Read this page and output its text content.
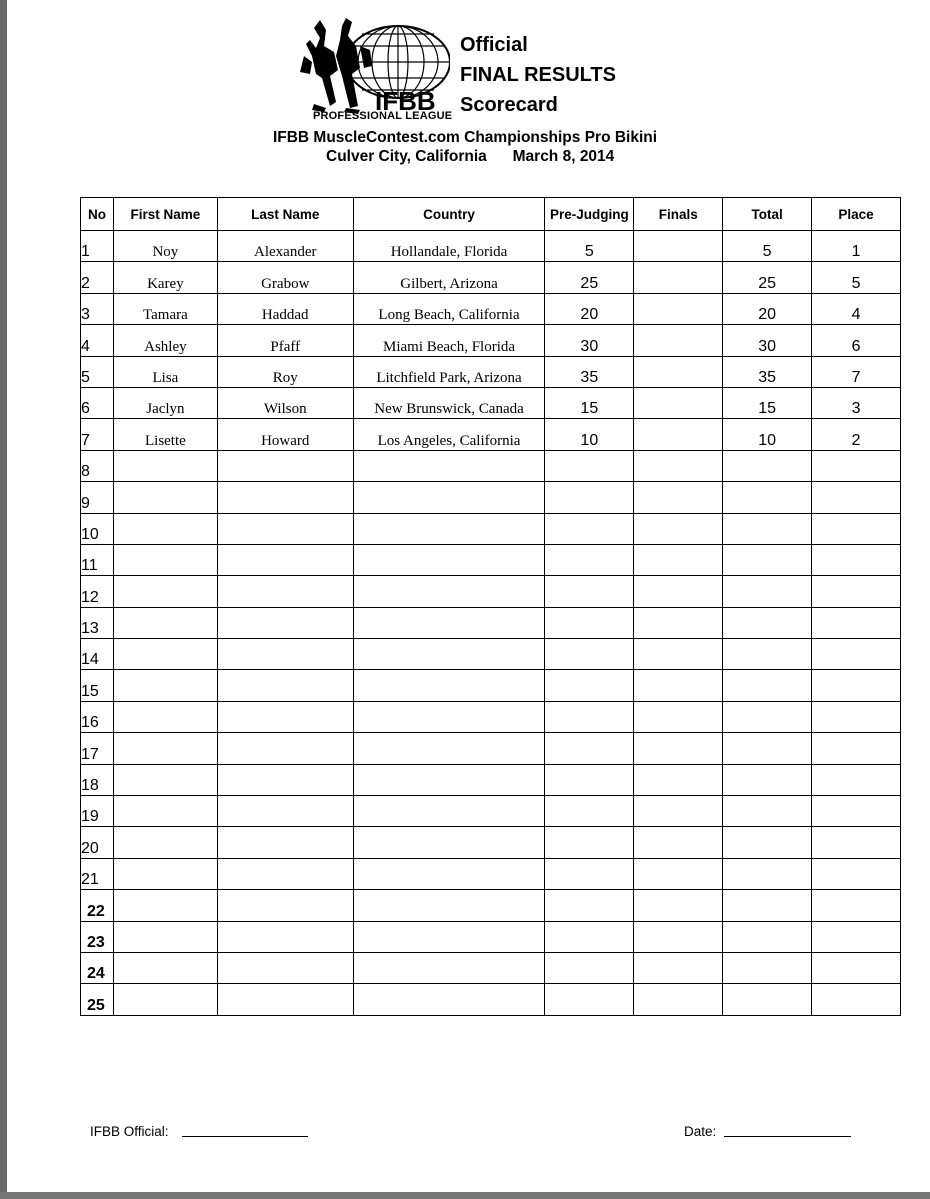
IFBB
PROFESSIONAL LEAGUE
Official
FINAL RESULTS
Scorecard
IFBB MuscleContest.com Championships Pro Bikini
Culver City, California March 8, 2014
No	First Name	Last Name	Country	Pre-Judging	Finals	Total	Place
1	Noy	Alexander	Hollandale, Florida	5		5	1
2	Karey	Grabow	Gilbert, Arizona	25		25	5
3	Tamara	Haddad	Long Beach, California	20		20	4
4	Ashley	Pfaff	Miami Beach, Florida	30		30	6
5	Lisa	Roy	Litchfield Park, Arizona	35		35	7
6	Jaclyn	Wilson	New Brunswick, Canada	15		15	3
7	Lisette	Howard	Los Angeles, California	10		10	2
8							
9							
10							
11							
12							
13							
14							
15							
16							
17							
18							
19							
20							
21							
22							
23							
24							
25							
IFBB Official:	Date:
